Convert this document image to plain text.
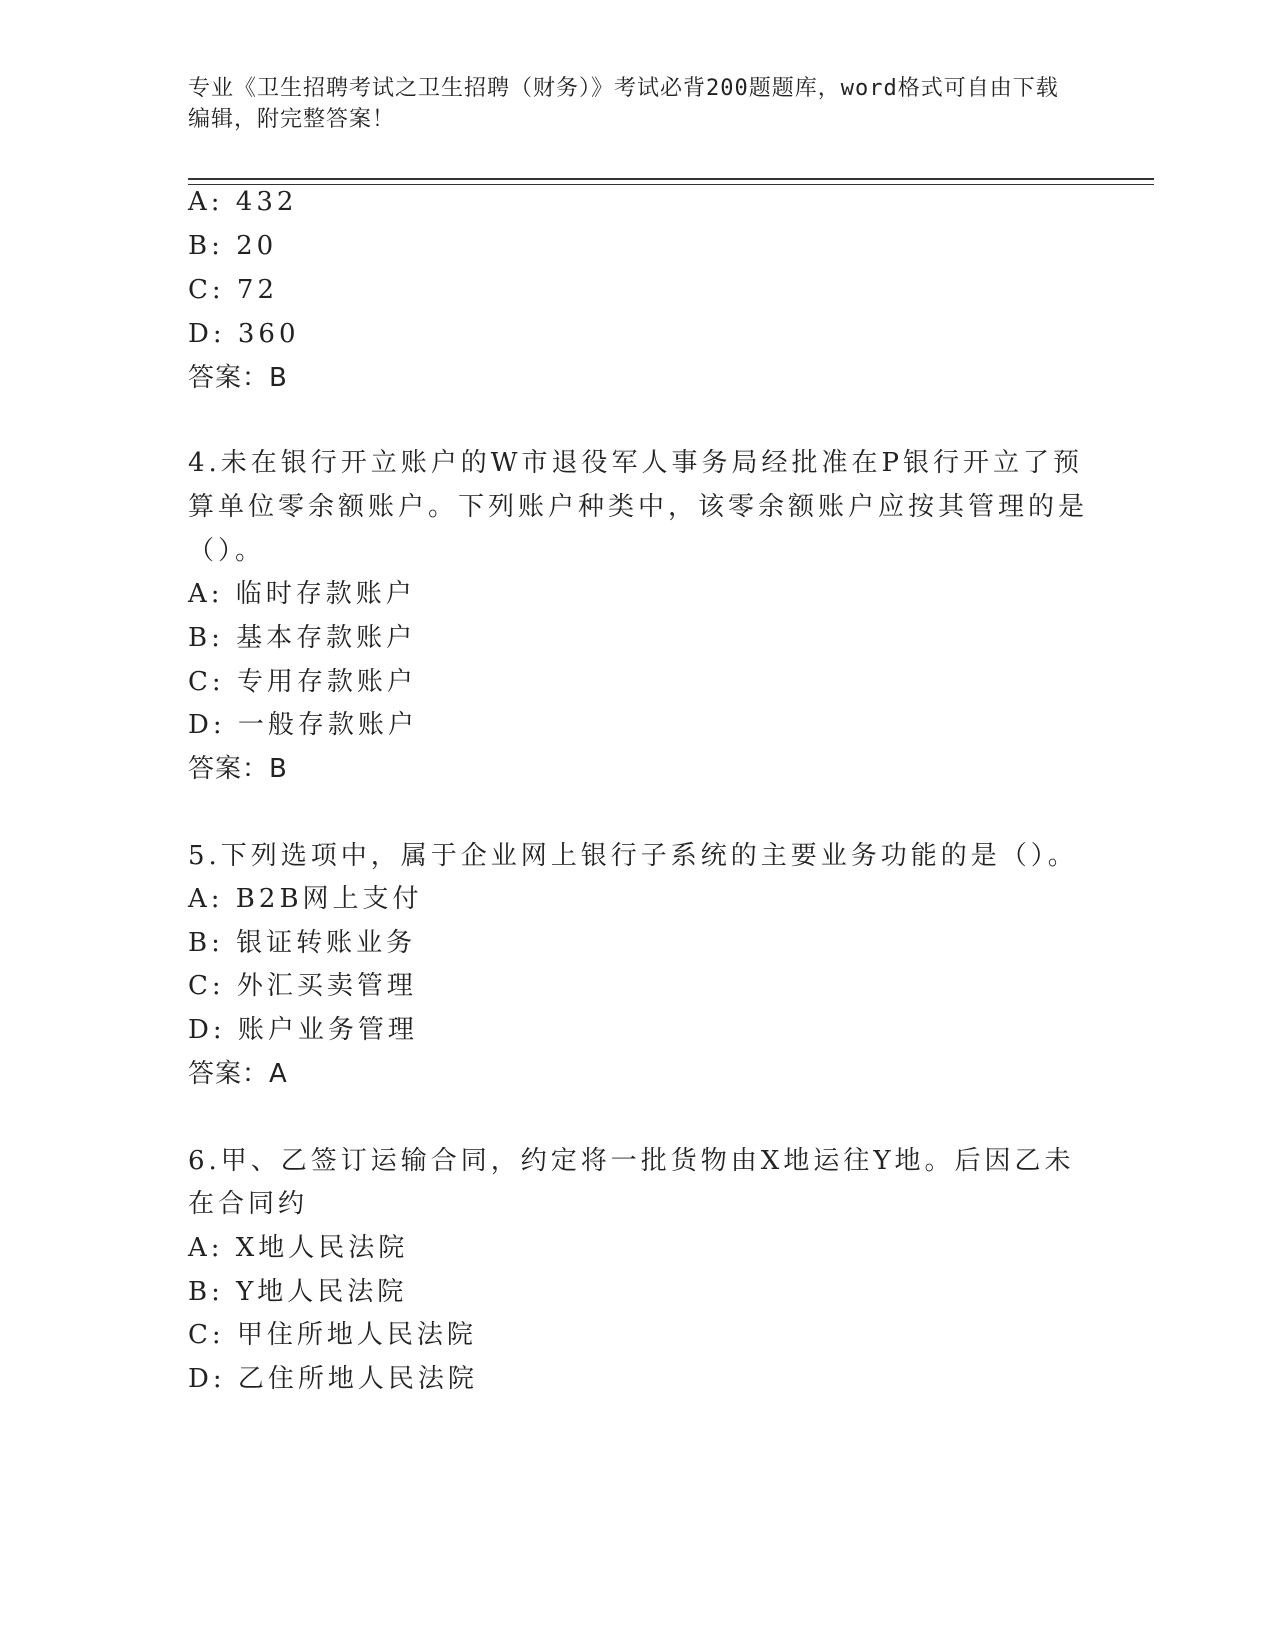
专业《卫生招聘考试之卫生招聘（财务）》考试必背200题题库，word格式可自由下载编辑，附完整答案！

A: 432
B: 20
C: 72
D: 360
答案：B
4.未在银行开立账户的W市退役军人事务局经批准在P银行开立了预
算单位零余额账户。下列账户种类中，该零余额账户应按其管理的是
（）。
A: 临时存款账户
B: 基本存款账户
C: 专用存款账户
D: 一般存款账户
答案：B
5.下列选项中，属于企业网上银行子系统的主要业务功能的是（）。
A: B2B网上支付
B: 银证转账业务
C: 外汇买卖管理
D: 账户业务管理
答案：A
6.甲、乙签订运输合同，约定将一批货物由X地运往Y地。后因乙未
在合同约
A: X地人民法院
B: Y地人民法院
C: 甲住所地人民法院
D: 乙住所地人民法院
